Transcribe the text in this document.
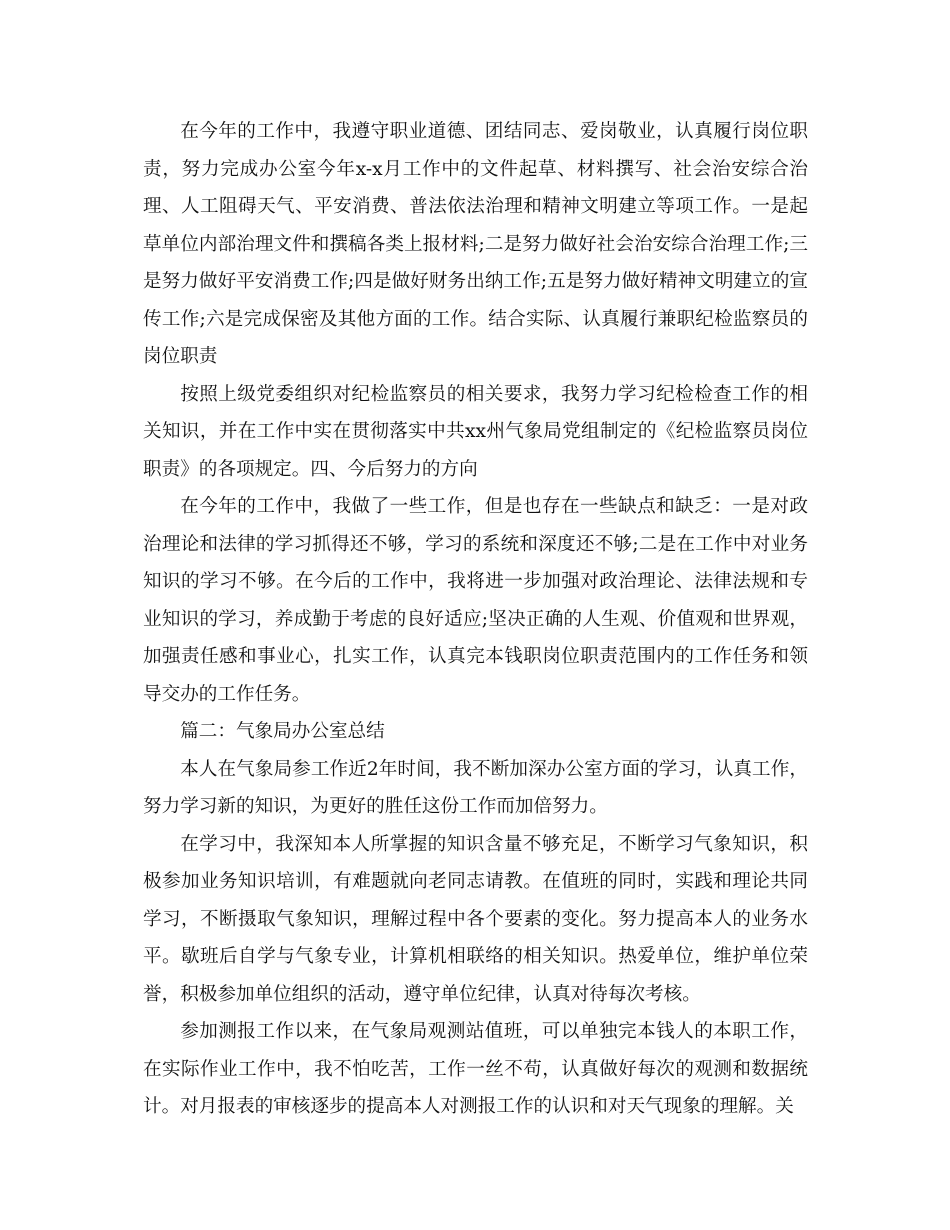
在今年的工作中，我遵守职业道德、团结同志、爱岗敬业，认真履行岗位职责，努力完成办公室今年x-x月工作中的文件起草、材料撰写、社会治安综合治理、人工阻碍天气、平安消费、普法依法治理和精神文明建立等项工作。一是起草单位内部治理文件和撰稿各类上报材料;二是努力做好社会治安综合治理工作;三是努力做好平安消费工作;四是做好财务出纳工作;五是努力做好精神文明建立的宣传工作;六是完成保密及其他方面的工作。结合实际、认真履行兼职纪检监察员的岗位职责

按照上级党委组织对纪检监察员的相关要求，我努力学习纪检检查工作的相关知识，并在工作中实在贯彻落实中共xx州气象局党组制定的《纪检监察员岗位职责》的各项规定。四、今后努力的方向

在今年的工作中，我做了一些工作，但是也存在一些缺点和缺乏：一是对政治理论和法律的学习抓得还不够，学习的系统和深度还不够;二是在工作中对业务知识的学习不够。在今后的工作中，我将进一步加强对政治理论、法律法规和专业知识的学习，养成勤于考虑的良好适应;坚决正确的人生观、价值观和世界观，加强责任感和事业心，扎实工作，认真完本钱职岗位职责范围内的工作任务和领导交办的工作任务。

篇二：气象局办公室总结

本人在气象局参工作近2年时间，我不断加深办公室方面的学习，认真工作，努力学习新的知识，为更好的胜任这份工作而加倍努力。

在学习中，我深知本人所掌握的知识含量不够充足，不断学习气象知识，积极参加业务知识培训，有难题就向老同志请教。在值班的同时，实践和理论共同学习，不断摄取气象知识，理解过程中各个要素的变化。努力提高本人的业务水平。歇班后自学与气象专业，计算机相联络的相关知识。热爱单位，维护单位荣誉，积极参加单位组织的活动，遵守单位纪律，认真对待每次考核。

参加测报工作以来，在气象局观测站值班，可以单独完本钱人的本职工作，在实际作业工作中，我不怕吃苦，工作一丝不苟，认真做好每次的观测和数据统计。对月报表的审核逐步的提高本人对测报工作的认识和对天气现象的理解。关
